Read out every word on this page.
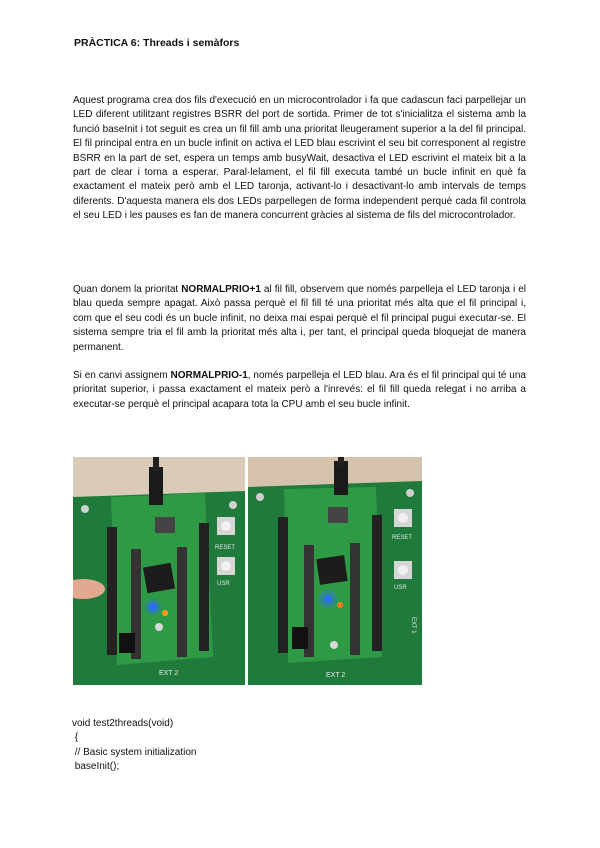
PRÀCTICA 6: Threads i semàfors
Aquest programa crea dos fils d'execució en un microcontrolador i fa que cadascun faci parpellejar un LED diferent utilitzant registres BSRR del port de sortida. Primer de tot s'inicialitza el sistema amb la funció baseInit i tot seguit es crea un fil fill amb una prioritat lleugerament superior a la del fil principal. El fil principal entra en un bucle infinit on activa el LED blau escrivint el seu bit corresponent al registre BSRR en la part de set, espera un temps amb busyWait, desactiva el LED escrivint el mateix bit a la part de clear i torna a esperar. Paral·lelament, el fil fill executa també un bucle infinit en què fa exactament el mateix però amb el LED taronja, activant-lo i desactivant-lo amb intervals de temps diferents. D'aquesta manera els dos LEDs parpellegen de forma independent perquè cada fil controla el seu LED i les pauses es fan de manera concurrent gràcies al sistema de fils del microcontrolador.
Quan donem la prioritat NORMALPRIO+1 al fil fill, observem que només parpelleja el LED taronja i el blau queda sempre apagat. Això passa perquè el fil fill té una prioritat més alta que el fil principal i, com que el seu codi és un bucle infinit, no deixa mai espai perquè el fil principal pugui executar-se. El sistema sempre tria el fil amb la prioritat més alta i, per tant, el principal queda bloquejat de manera permanent.
Si en canvi assignem NORMALPRIO-1, només parpelleja el LED blau. Ara és el fil principal qui té una prioritat superior, i passa exactament el mateix però a l'inrevés: el fil fill queda relegat i no arriba a executar-se perquè el principal acapara tota la CPU amb el seu bucle infinit.
RESET
USR
EXT 2
RESET
USR
EXT 1
EXT 2
void test2threads(void)
{
// Basic system initialization
baseInit();
